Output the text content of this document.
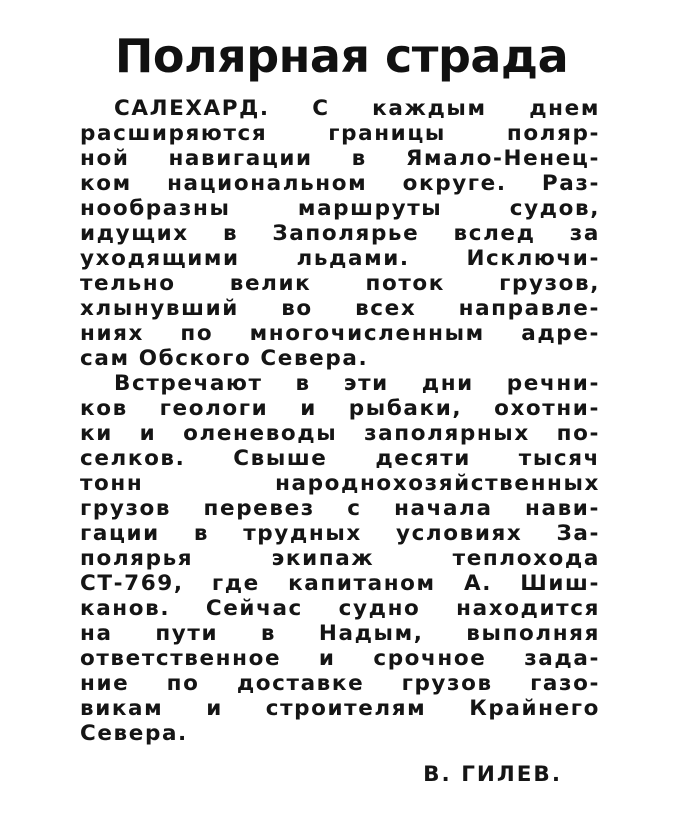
Полярная страда
САЛЕХАРД. С каждым днем
расширяются границы поляр-
ной навигации в Ямало-Ненец-
ком национальном округе. Раз-
нообразны маршруты судов,
идущих в Заполярье вслед за
уходящими льдами. Исключи-
тельно велик поток грузов,
хлынувший во всех направле-
ниях по многочисленным адре-
сам Обского Севера.
Встречают в эти дни речни-
ков геологи и рыбаки, охотни-
ки и оленеводы заполярных по-
селков. Свыше десяти тысяч
тонн народнохозяйственных
грузов перевез с начала нави-
гации в трудных условиях За-
полярья экипаж теплохода
СТ-769, где капитаном А. Шиш-
канов. Сейчас судно находится
на пути в Надым, выполняя
ответственное и срочное зада-
ние по доставке грузов газо-
викам и строителям Крайнего
Севера.
В. ГИЛЕВ.
